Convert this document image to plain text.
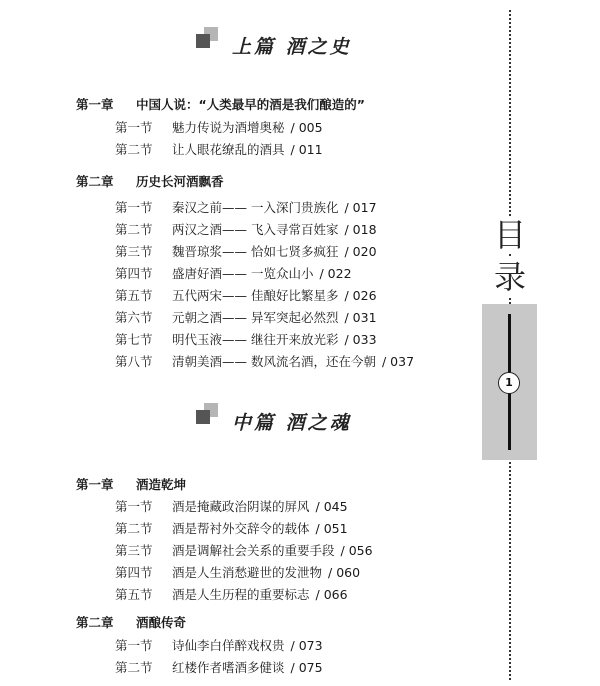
上篇 酒之史
第一章 中国人说：“人类最早的酒是我们酿造的”
第一节 魅力传说为酒增奥秘 / 005
第二节 让人眼花缭乱的酒具 / 011
第二章 历史长河酒飘香
第一节 秦汉之前—— 一入深门贵族化 / 017
第二节 两汉之酒—— 飞入寻常百姓家 / 018
第三节 魏晋琼浆—— 恰如七贤多疯狂 / 020
第四节 盛唐好酒—— 一览众山小 / 022
第五节 五代两宋—— 佳酿好比繁星多 / 026
第六节 元朝之酒—— 异军突起必然烈 / 031
第七节 明代玉液—— 继往开来放光彩 / 033
第八节 清朝美酒—— 数风流名酒，还在今朝 / 037
中篇 酒之魂
第一章 酒造乾坤
第一节 酒是掩藏政治阴谋的屏风 / 045
第二节 酒是帮衬外交辞令的载体 / 051
第三节 酒是调解社会关系的重要手段 / 056
第四节 酒是人生消愁避世的发泄物 / 060
第五节 酒是人生历程的重要标志 / 066
第二章 酒酿传奇
第一节 诗仙李白佯醉戏权贵 / 073
第二节 红楼作者嗜酒多健谈 / 075
目
录
1
